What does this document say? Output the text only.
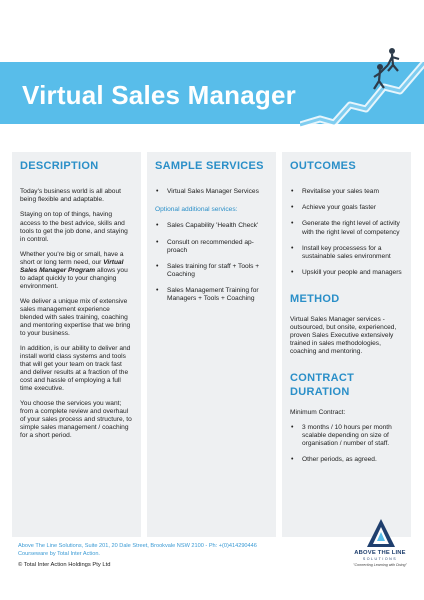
Virtual Sales Manager
DESCRIPTION

Today's business world is all about being flexible and adaptable.

Staying on top of things, having access to the best advice, skills and tools to get the job done, and staying in control.

Whether you're big or small, have a short or long term need, our Virtual Sales Manager Program allows you to adapt quickly to your changing environment.

We deliver a unique mix of extensive sales management experience blended with sales training, coaching and mentoring expertise that we bring to your business.

In addition, is our ability to deliver and install world class systems and tools that will get your team on track fast and deliver results at a fraction of the cost and hassle of employing a full time executive.

You choose the services you want; from a complete review and overhaul of your sales process and structure, to simple sales management / coaching for a short period.

SAMPLE SERVICES
• Virtual Sales Manager Services
Optional additional services:
• Sales Capability 'Health Check'
• Consult on recommended ap-proach
• Sales training for staff + Tools + Coaching
• Sales Management Training for Managers + Tools + Coaching
OUTCOMES
• Revitalise your sales team
• Achieve your goals faster
• Generate the right level of activity with the right level of competency
• Install key processess for a sustainable sales environment
• Upskill your people and managers
METHOD

Virtual Sales Manager services - outsourced, but onsite, experienced, proven Sales Executive extensively trained in sales methodologies, coaching and mentoring.

CONTRACT DURATION

Minimum Contract:

• 3 months / 10 hours per month scalable depending on size of organisation / number of staff.
• Other periods, as agreed.
Above The Line Solutions, Suite 201, 20 Dale Street, Brookvale NSW 2100 - Ph: +(0)414290446
Courseware by Total Inter Action.
© Total Inter Action Holdings Pty Ltd
ABOVE THE LINE
SOLUTIONS
"Connecting Learning with Doing"
